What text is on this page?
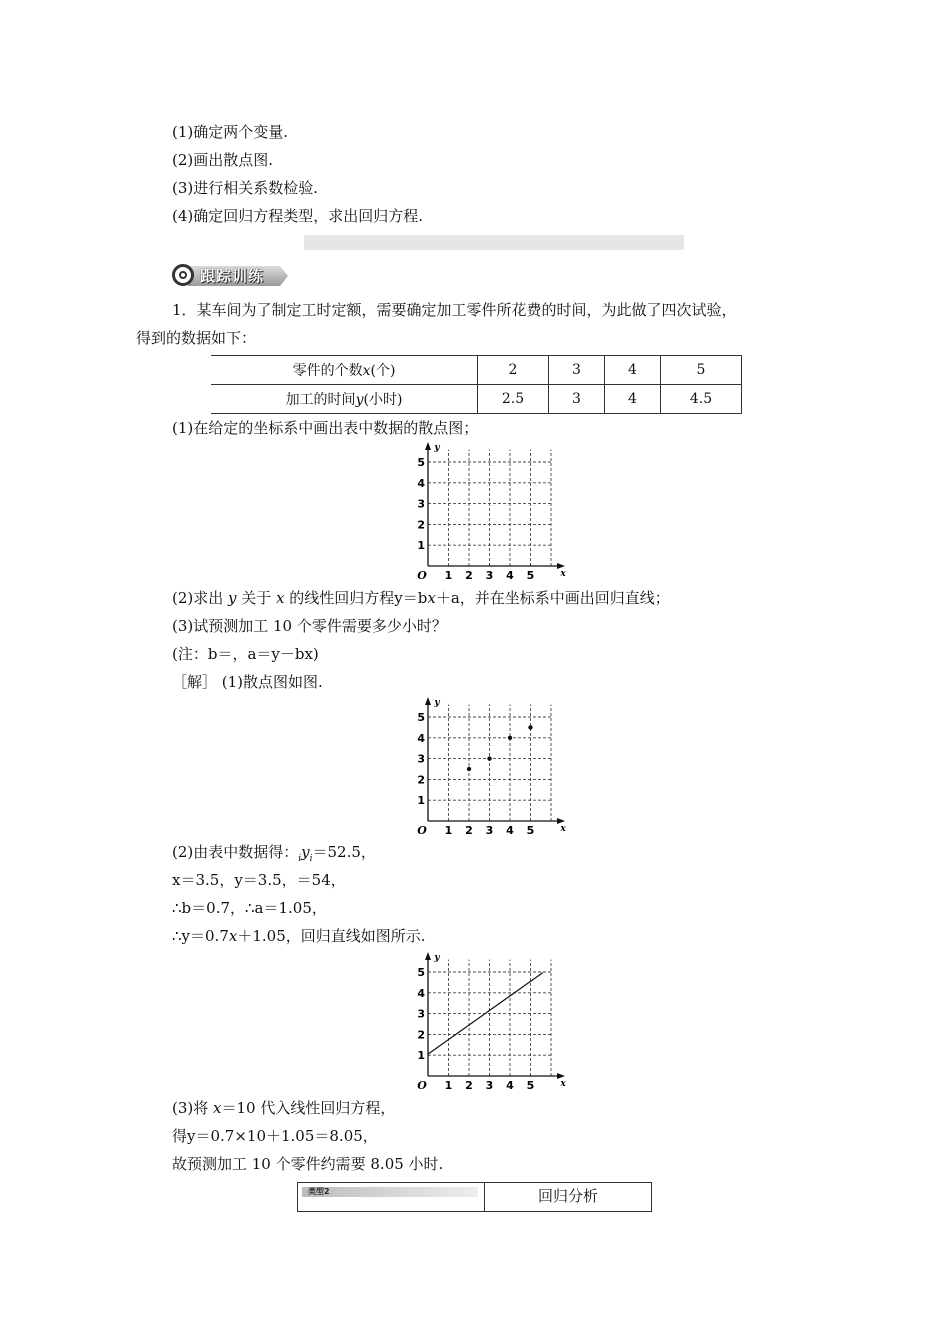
(1)确定两个变量.
(2)画出散点图.
(3)进行相关系数检验.
(4)确定回归方程类型，求出回归方程.
跟踪训练
1．某车间为了制定工时定额，需要确定加工零件所花费的时间，为此做了四次试验，
得到的数据如下：
零件的个数x(个)	2	3	4	5
加工的时间y(小时)	2.5	3	4	4.5
(1)在给定的坐标系中画出表中数据的散点图；
1 2 3 4 5
1
2
3
4
5
O	x
y
(2)求出 y 关于 x 的线性回归方程y＝bx＋a，并在坐标系中画出回归直线；
(3)试预测加工 10 个零件需要多少小时？
(注：b＝，a＝y－bx)
［解］ (1)散点图如图.
1 2 3 4 5
1
2
3
4
5
O	x
y
(2)由表中数据得：$_iy_i=52.5$，
x＝3.5，y＝3.5，＝54，
∴b＝0.7，∴a＝1.05，
∴y＝0.7x＋1.05，回归直线如图所示.
1 2 3 4 5
1
2
3
4
5
O	x
y
(3)将 x＝10 代入线性回归方程，
得y＝0.7×10＋1.05＝8.05，
故预测加工 10 个零件约需要 8.05 小时.
类型2	回归分析
